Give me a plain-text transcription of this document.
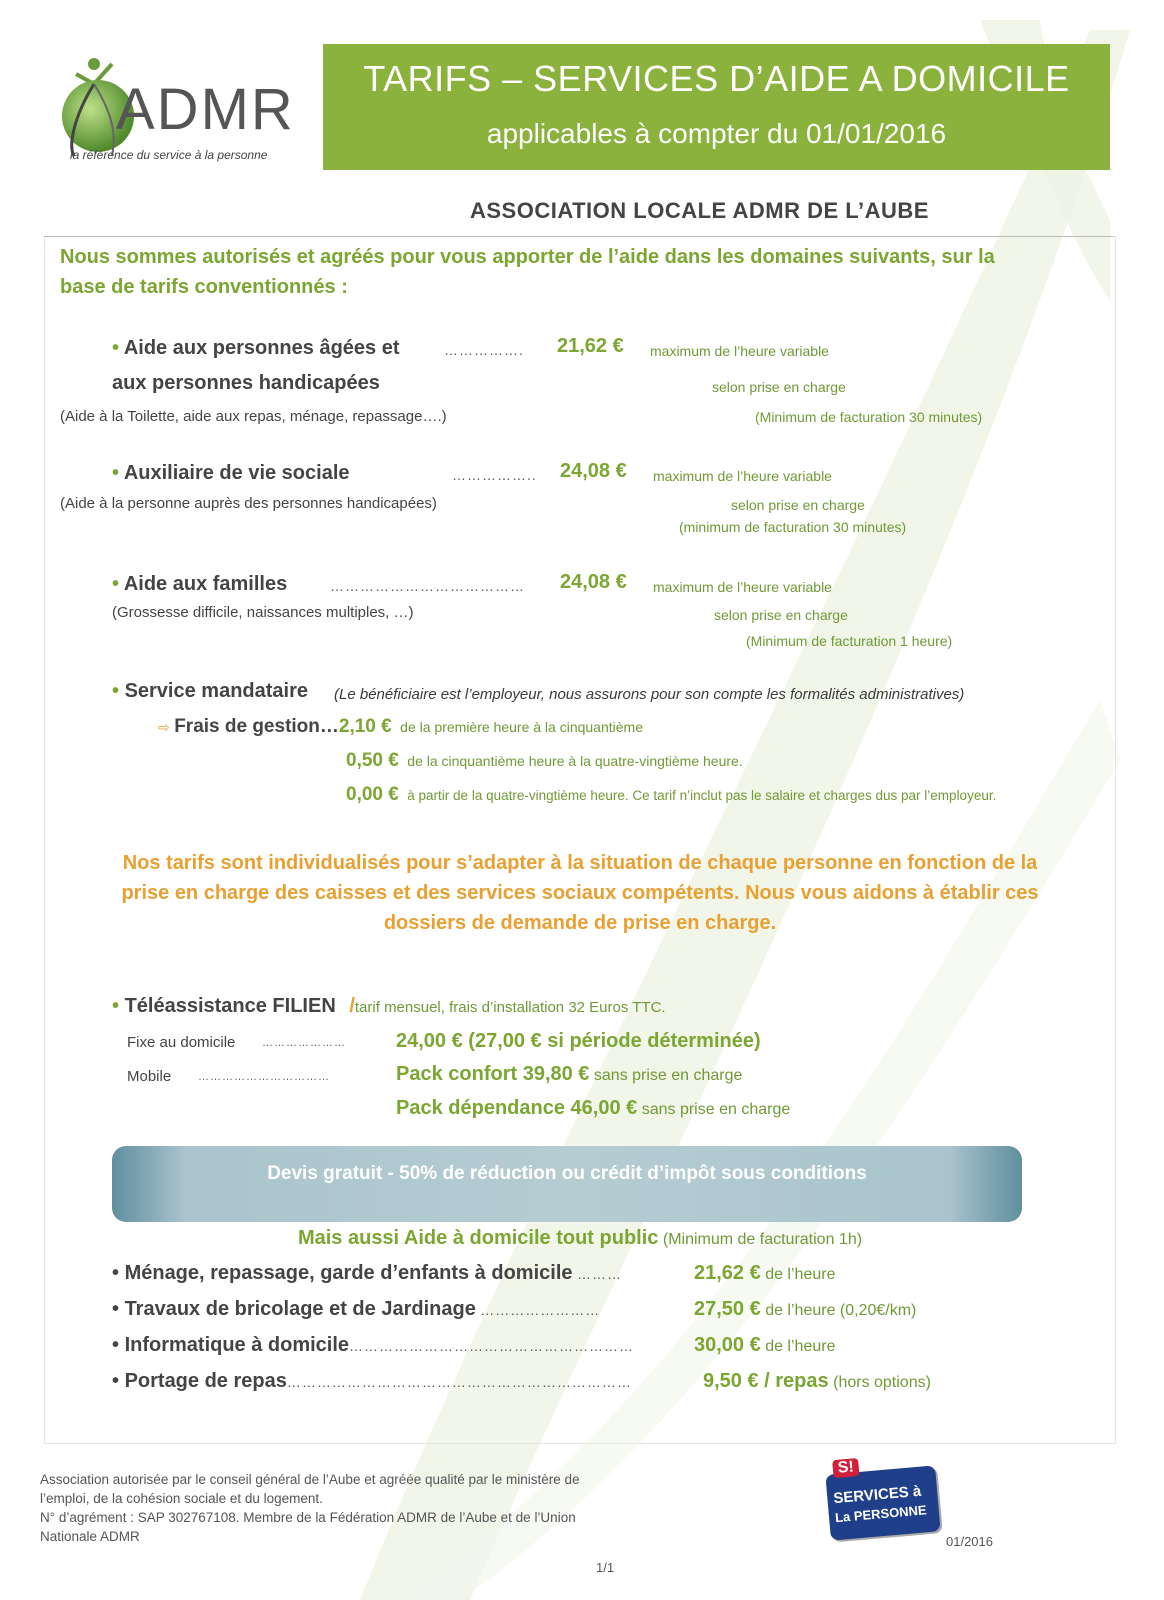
ADMR
la référence du service à la personne
TARIFS – SERVICES D’AIDE A DOMICILE
applicables à compter du 01/01/2016
ASSOCIATION LOCALE ADMR DE L’AUBE
Nous sommes autorisés et agréés pour vous apporter de l’aide dans les domaines suivants, sur la
base de tarifs conventionnés :
• Aide aux personnes âgées et	……………. 21,62 € maximum de l’heure variable
aux personnes handicapées	selon prise en charge
(Aide à la Toilette, aide aux repas, ménage, repassage….)	(Minimum de facturation 30 minutes)
• Auxiliaire de vie sociale	…………….. 24,08 € maximum de l’heure variable
(Aide à la personne auprès des personnes handicapées)	selon prise en charge
(minimum de facturation 30 minutes)
• Aide aux familles	………………………………… 24,08 € maximum de l’heure variable
(Grossesse difficile, naissances multiples, …)	selon prise en charge
(Minimum de facturation 1 heure)
• Service mandataire (Le bénéficiaire est l’employeur, nous assurons pour son compte les formalités administratives)
⇨ Frais de gestion…2,10 € de la première heure à la cinquantième
0,50 € de la cinquantième heure à la quatre-vingtième heure.
0,00 € à partir de la quatre-vingtième heure. Ce tarif n’inclut pas le salaire et charges dus par l’employeur.
Nos tarifs sont individualisés pour s’adapter à la situation de chaque personne en fonction de la
prise en charge des caisses et des services sociaux compétents. Nous vous aidons à établir ces
dossiers de demande de prise en charge.
• Téléassistance FILIEN /tarif mensuel, frais d’installation 32 Euros TTC.
Fixe au domicile …………………	24,00 € (27,00 € si période déterminée)
Mobile ……………………………	Pack confort 39,80 € sans prise en charge
Pack dépendance 46,00 € sans prise en charge
Devis gratuit - 50% de réduction ou crédit d’impôt sous conditions
Mais aussi Aide à domicile tout public (Minimum de facturation 1h)
• Ménage, repassage, garde d’enfants à domicile ………	21,62 € de l’heure
• Travaux de bricolage et de Jardinage ……………………	27,50 € de l’heure (0,20€/km)
• Informatique à domicile…………………………………………………	30,00 € de l’heure
• Portage de repas……………………………………………………………	9,50 € / repas (hors options)
Association autorisée par le conseil général de l’Aube et agréée qualité par le ministère de
l’emploi, de la cohésion sociale et du logement.
N° d’agrément : SAP 302767108. Membre de la Fédération ADMR de l’Aube et de l’Union
Nationale ADMR
S!
SERVICES à
La PERSONNE
01/2016
1/1
